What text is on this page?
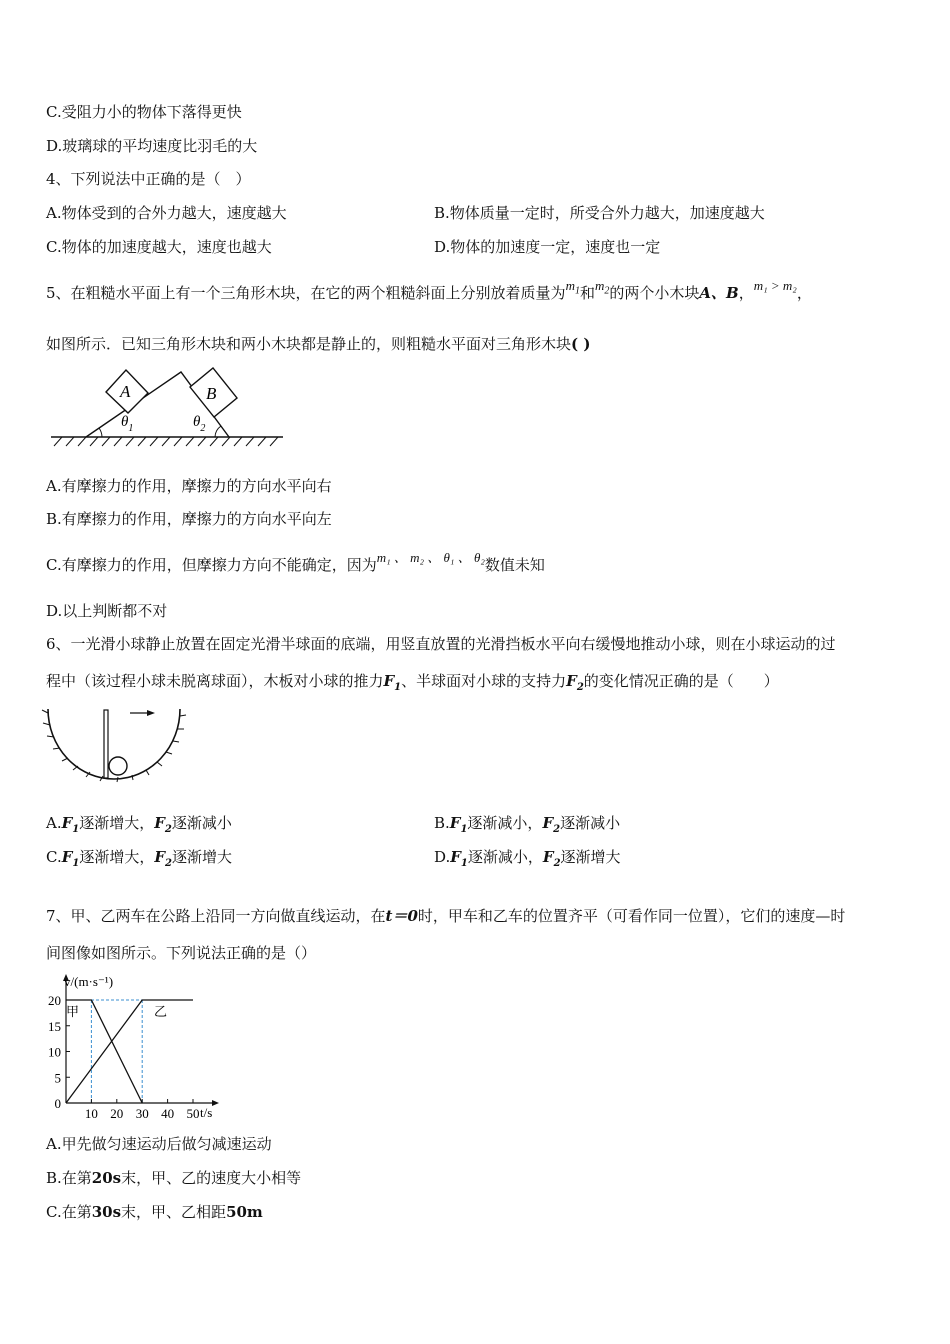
C.受阻力小的物体下落得更快
D.玻璃球的平均速度比羽毛的大
4、下列说法中正确的是（　）
A.物体受到的合外力越大，速度越大	B.物体质量一定时，所受合外力越大，加速度越大
C.物体的加速度越大，速度也越大	D.物体的加速度一定，速度也一定
5、在粗糙水平面上有一个三角形木块，在它的两个粗糙斜面上分别放着质量为$m_1$和$m_2$的两个小木块A、B，m₁ > m₂，
如图所示．已知三角形木块和两小木块都是静止的，则粗糙水平面对三角形木块( )
A	B
$\theta_1$	$\theta_2$
A.有摩擦力的作用，摩擦力的方向水平向右
B.有摩擦力的作用，摩擦力的方向水平向左
C.有摩擦力的作用，但摩擦力方向不能确定，因为m₁ 、 m₂ 、 θ₁ 、 θ₂数值未知
D.以上判断都不对
6、一光滑小球静止放置在固定光滑半球面的底端，用竖直放置的光滑挡板水平向右缓慢地推动小球，则在小球运动的过
程中（该过程小球未脱离球面），木板对小球的推力$F_1$、半球面对小球的支持力$F_2$的变化情况正确的是（　　）
$A.F_1$逐渐增大，$F_2$逐渐减小	$B.F_1$逐渐减小，$F_2$逐渐减小
$C.F_1$逐渐增大，$F_2$逐渐增大	$D.F_1$逐渐减小，$F_2$逐渐增大
7、甲、乙两车在公路上沿同一方向做直线运动，在t＝0时，甲车和乙车的位置齐平（可看作同一位置），它们的速度—时
间图像如图所示。下列说法正确的是（）
10 20 30 40 50
0
5
10
15
20
v/(m·s⁻¹)
t/s
甲	乙
A.甲先做匀速运动后做匀减速运动
B.在第20s末，甲、乙的速度大小相等
C.在第30s末，甲、乙相距50m
